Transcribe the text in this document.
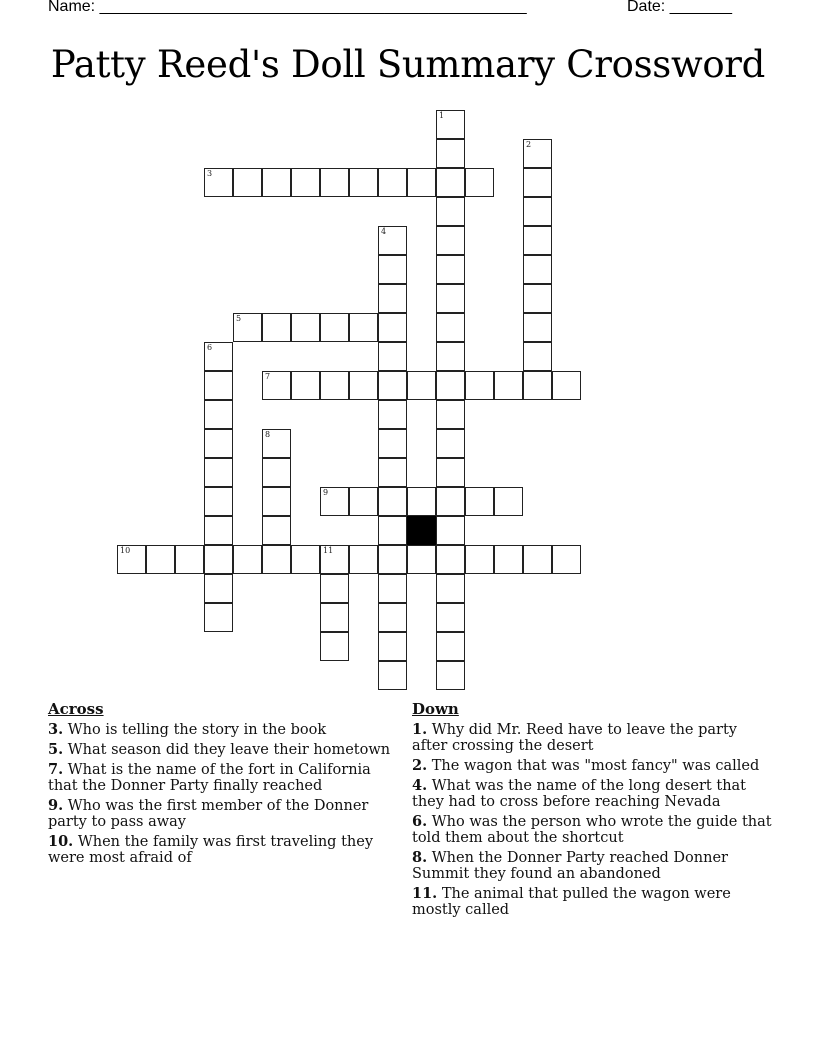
Name: ________________________________________________	Date: _______
Patty Reed's Doll Summary Crossword
3
5
7
9
10	11
1
2
4
6
8
Across
3. Who is telling the story in the book
5. What season did they leave their hometown
7. What is the name of the fort in California that the Donner Party finally reached
9. Who was the first member of the Donner party to pass away
10. When the family was first traveling they were most afraid of
Down
1. Why did Mr. Reed have to leave the party after crossing the desert
2. The wagon that was "most fancy" was called
4. What was the name of the long desert that they had to cross before reaching Nevada
6. Who was the person who wrote the guide that told them about the shortcut
8. When the Donner Party reached Donner Summit they found an abandoned
11. The animal that pulled the wagon were mostly called
